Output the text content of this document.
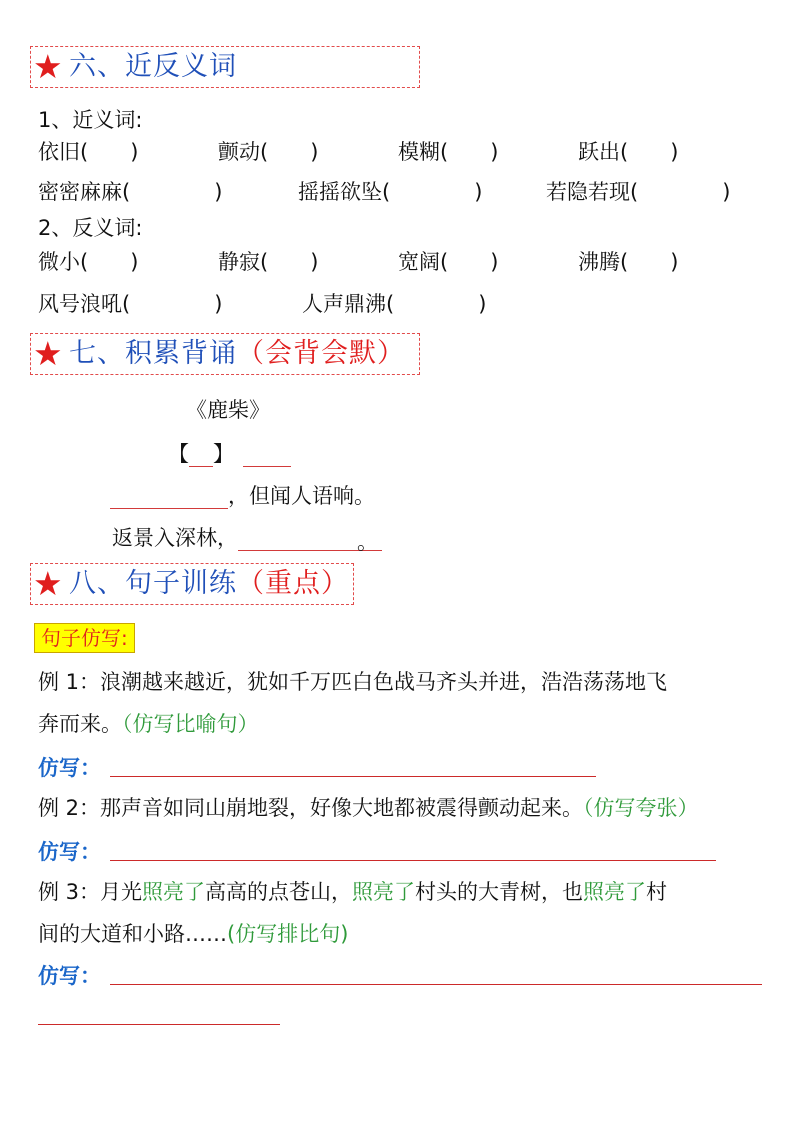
★ 六、近反义词
1、近义词:
依旧(　　)	颤动(　　)	模糊(　　)	跃出(　　)
密密麻麻(　　　　)	摇摇欲坠(　　　　)	若隐若现(　　　　)
2、反义词:
微小(　　)	静寂(　　)	宽阔(　　)	沸腾(　　)
风号浪吼(　　　　)	人声鼎沸(　　　　)
★ 七、积累背诵（会背会默）
《鹿柴》
【 】
，但闻人语响。
返景入深林，	。
★ 八、句子训练（重点）
句子仿写:
例 1：浪潮越来越近，犹如千万匹白色战马齐头并进，浩浩荡荡地飞
奔而来。（仿写比喻句）
仿写：
例 2：那声音如同山崩地裂，好像大地都被震得颤动起来。（仿写夸张）
仿写：
例 3：月光照亮了高高的点苍山，照亮了村头的大青树，也照亮了村
间的大道和小路……(仿写排比句)
仿写：
